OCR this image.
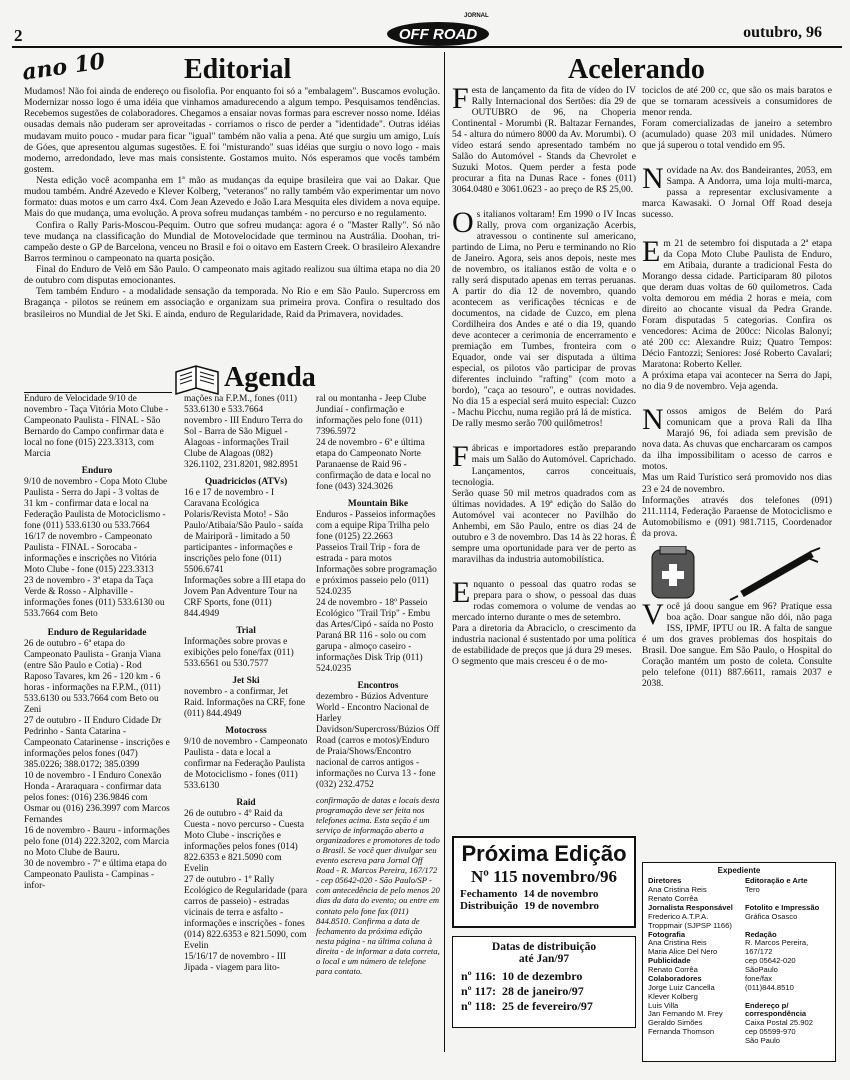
2	OFF ROAD
JORNAL
outubro, 96
ano 10	Editorial

Mudamos! Não foi ainda de endereço ou fisolofia. Por enquanto foi só a "embalagem". Buscamos evolução. Modernizar nosso logo é uma idéia que vinhamos amadurecendo a algum tempo. Pesquisamos tendências. Recebemos sugestões de colaboradores. Chegamos a ensaiar novas formas para escrever nosso nome. Idéias ousadas demais não puderam ser aproveitadas - corriamos o risco de perder a "identidade". Outras idéias mudavam muito pouco - mudar para ficar "igual" também não valia a pena. Até que surgiu um amigo, Luís de Góes, que apresentou algumas sugestões. E foi "misturando" suas idéias que surgiu o novo logo - mais moderno, arredondado, leve mas mais consistente. Gostamos muito. Nós esperamos que vocês também gostem.

Nesta edição você acompanha em 1ª mão as mudanças da equipe brasileira que vai ao Dakar. Que mudou também. André Azevedo e Klever Kolberg, "veteranos" no rally também vão experimentar um novo formato: duas motos e um carro 4x4. Com Jean Azevedo e João Lara Mesquita eles dividem a nova equipe. Mais do que mudança, uma evolução. A prova sofreu mudanças também - no percurso e no regulamento.

Confira o Rally Paris-Moscou-Pequim. Outro que sofreu mudança: agora é o "Master Rally". Só não teve mudança na classificação do Mundial de Motovelocidade que terminou na Austrália. Doohan, tri-campeão deste o GP de Barcelona, venceu no Brasil e foi o oitavo em Eastern Creek. O brasileiro Alexandre Barros terminou o campeonato na quarta posição.

Final do Enduro de Velô em São Paulo. O campeonato mais agitado realizou sua última etapa no dia 20 de outubro com disputas emocionantes.

Tem também Enduro - a modalidade sensação da temporada. No Rio e em São Paulo. Supercross em Bragança - pilotos se reúnem em associação e organizam sua primeira prova. Confira o resultado dos brasileiros no Mundial de Jet Ski. E ainda, enduro de Regularidade, Raid da Primavera, novidades.

Agenda
Enduro de Velocidade 9/10 de novembro - Taça Vitória Moto Clube - Campeonato Paulista - FINAL - São Bernardo do Campo confirmar data e local no fone (015) 223.3313, com Marcia
Enduro
9/10 de novembro - Copa Moto Clube Paulista - Serra do Japi - 3 voltas de 31 km - confirmar data e local na Federação Paulista de Motociclismo - fone (011) 533.6130 ou 533.7664
16/17 de novembro - Campeonato Paulista - FINAL - Sorocaba - informações e inscrições no Vitória Moto Clube - fone (015) 223.3313
23 de novembro - 3ª etapa da Taça Verde & Rosso - Alphaville - informações fones (011) 533.6130 ou 533.7664 com Beto
Enduro de Regularidade
26 de outubro - 6ª etapa do Campeonato Paulista - Granja Viana (entre São Paulo e Cotia) - Rod Raposo Tavares, km 26 - 120 km - 6 horas - informações na F.P.M., (011) 533.6130 ou 533.7664 com Beto ou Zeni
27 de outubro - II Enduro Cidade Dr Pedrinho - Santa Catarina - Campeonato Catarinense - inscrições e informações pelos fones (047) 385.0226; 388.0172; 385.0399
10 de novembro - I Enduro Conexão Honda - Araraquara - confirmar data pelos fones: (016) 236.9846 com Osmar ou (016) 236.3997 com Marcos Fernandes
16 de novembro - Bauru - informações pelo fone (014) 222.3202, com Marcia no Moto Clube de Bauru.
30 de novembro - 7ª e última etapa do Campeonato Paulista - Campinas - infor-
mações na F.P.M., fones (011) 533.6130 e 533.7664
novembro - III Enduro Terra do Sol - Barra de São Miguel - Alagoas - informações Trail Clube de Alagoas (082) 326.1102, 231.8201, 982.8951
Quadriciclos (ATVs)
16 e 17 de novembro - I Caravana Ecológica Polaris/Revista Moto! - São Paulo/Atibaia/São Paulo - saída de Mairiporã - limitado a 50 participantes - informações e inscrições pelo fone (011) 5506.6741
Informações sobre a III etapa do Jovem Pan Adventure Tour na CRF Sports, fone (011) 844.4949
Trial
Informações sobre provas e exibições pelo fone/fax (011) 533.6561 ou 530.7577
Jet Ski
novembro - a confirmar, Jet Raid. Informações na CRF, fone (011) 844.4949
Motocross
9/10 de novembro - Campeonato Paulista - data e local a confirmar na Federação Paulista de Motociclismo - fones (011) 533.6130
Raid
26 de outubro - 4º Raid da Cuesta - novo percurso - Cuesta Moto Clube - inscrições e informações pelos fones (014) 822.6353 e 821.5090 com Evelin
27 de outubro - 1º Rally Ecológico de Regularidade (para carros de passeio) - estradas vicinais de terra e asfalto - informações e inscrições - fones (014) 822.6353 e 821.5090, com Evelin
15/16/17 de novembro - III Jipada - viagem para lito-
ral ou montanha - Jeep Clube Jundiaí - confirmação e informações pelo fone (011) 7396.5972
24 de novembro - 6ª e última etapa do Campeonato Norte Paranaense de Raid 96 - confirmação de data e local no fone (043) 324.3026
Mountain Bike
Enduros - Passeios informações com a equipe Ripa Trilha pelo fone (0125) 22.2663
Passeios Trail Trip - fora de estrada - para motos Informações sobre programação e próximos passeio pelo (011) 524.0235
24 de novembro - 18º Passeio Ecológico "Trail Trip" - Embu das Artes/Cipó - saída no Posto Paraná BR 116 - solo ou com garupa - almoço caseiro - informações Disk Trip (011) 524.0235
Encontros
dezembro - Búzios Adventure World - Encontro Nacional de Harley Davidson/Supercross/Búzios Off Road (carros e motos)/Enduro de Praia/Shows/Encontro nacional de carros antigos - informações no Curva 13 - fone (032) 232.4752
confirmação de datas e locais desta programação deve ser feita nos telefones acima. Esta seção é um serviço de informação aberto a organizadores e promotores de todo o Brasil. Se você quer divulgar seu evento escreva para Jornal Off Road - R. Marcos Pereira, 167/172 - cep 05642-020 - São Paulo/SP - com antecedência de pelo menos 20 dias da data do evento; ou entre em contato pelo fone fax (011) 844.8510. Confirma a data de fechamento da próxima edição nesta página - na última coluna à direita - de informar a data correta, o local e um número de telefone para contato.
Acelerando

Festa de lançamento da fita de vídeo do IV Rally Internacional dos Sertões: dia 29 de OUTUBRO de 96, na Choperia Continental - Morumbi (R. Baltazar Fernandes, 54 - altura do número 8000 da Av. Morumbi). O vídeo estará sendo apresentado também no Salão do Automóvel - Stands da Chevrolet e Suzuki Motos. Quem perder a festa pode procurar a fita na Dunas Race - fones (011) 3064.0480 e 3061.0623 - ao preço de R$ 25,00.

Os italianos voltaram! Em 1990 o IV Incas Rally, prova com organização Acerbis, atravessou o continente sul americano, partindo de Lima, no Peru e terminando no Rio de Janeiro. Agora, seis anos depois, neste mes de novembro, os italianos estão de volta e o rally será disputado apenas em terras peruanas. A partir do dia 12 de novembro, quando acontecem as verificações técnicas e de documentos, na cidade de Cuzco, em plena Cordilheira dos Andes e até o dia 19, quando deve acontecer a cerimonia de encerramento e premiação em Tumbes, fronteira com o Equador, onde vai ser disputada a última especial, os pilotos vão participar de provas diferentes incluindo "rafting" (com moto a bordo), "caça ao tesouro", e outras novidades. No dia 15 a especial será muito especial: Cuzco - Machu Picchu, numa região prá lá de mística.

De rally mesmo serão 700 quilômetros!

Fábricas e importadores estão preparando mais um Salão do Automóvel. Caprichado. Lançamentos, carros conceituais, tecnologia.

Serão quase 50 mil metros quadrados com as últimas novidades. A 19ª edição do Salão do Automóvel vai acontecer no Pavilhão do Anhembi, em São Paulo, entre os dias 24 de outubro e 3 de novembro. Das 14 às 22 horas. É sempre uma oportunidade para ver de perto as maravilhas da industria automobilística.

Enquanto o pessoal das quatro rodas se prepara para o show, o pessoal das duas rodas comemora o volume de vendas ao mercado interno durante o mes de setembro.

Para a diretoria da Abraciclo, o crescimento da industria nacional é sustentado por uma política de estabilidade de preços que já dura 29 meses.

O segmento que mais cresceu é o de mo-

tociclos de até 200 cc, que são os mais baratos e que se tornaram acessíveis a consumidores de menor renda.

Foram comercializadas de janeiro a setembro (acumulado) quase 203 mil unidades. Número que já superou o total vendido em 95.

Novidade na Av. dos Bandeirantes, 2053, em Sampa. A Andorra, uma loja multi-marca, passa a representar exclusivamente a marca Kawasaki. O Jornal Off Road deseja sucesso.

Em 21 de setembro foi disputada a 2ª etapa da Copa Moto Clube Paulista de Enduro, em Atibaia, durante a tradicional Festa do Morango dessa cidade. Participaram 80 pilotos que deram duas voltas de 60 quilometros. Cada volta demorou em média 2 horas e meia, com direito ao chocante visual da Pedra Grande. Foram disputadas 5 categorias. Confira os vencedores: Acima de 200cc: Nicolas Balonyi; até 200 cc: Alexandre Ruiz; Quatro Tempos: Décio Fantozzi; Seniores: José Roberto Cavalari; Maratona: Roberto Keller.

A próxima etapa vai acontecer na Serra do Japi, no dia 9 de novembro. Veja agenda.

Nossos amigos de Belém do Pará comunicam que a prova Rali da Ilha Marajó 96, foi adiada sem previsão de nova data. As chuvas que encharcaram os campos da ilha impossibilitam o acesso de carros e motos.

Mas um Raid Turístico será promovido nos dias 23 e 24 de novembro.

Informações através dos telefones (091) 211.1114, Federação Paraense de Motociclismo e Automobilismo e (091) 981.7115, Coordenador da prova.

Você já doou sangue em 96? Pratique essa boa ação. Doar sangue não dói, não paga ISS, IPMF, IPTU ou IR. A falta de sangue é um dos graves problemas dos hospitais do Brasil. Doe sangue. Em São Paulo, o Hospital do Coração mantém um posto de coleta. Consulte pelo telefone (011) 887.6611, ramais 2037 e 2038.

Próxima Edição
Nº 115 novembro/96
Fechamento 14 de novembro
Distribuição 19 de novembro
Datas de distribuição
até Jan/97
nº 116: 10 de dezembro
nº 117: 28 de janeiro/97
nº 118: 25 de fevereiro/97
Expediente
Diretores
Ana Cristina Reis
Renato Corrêa
Jornalista Responsável
Frederico A.T.P.A.
Troppmair (SJPSP 1166)
Fotografia
Ana Cristina Reis
Maria Alice Del Nero
Publicidade
Renato Corrêa
Colaboradores
Jorge Luiz Cancella
Klever Kolberg
Luis Villa
Jan Fernando M. Frey
Geraldo Simões
Fernanda Thomson
Editoração e Arte
Tero

Fotolito e Impressão
Gráfica Osasco

Redação
R. Marcos Pereira, 167/172
cep 05642-020
SãoPaulo
fone/fax
(011)844.8510

Endereço p/
correspondência
Caixa Postal 25.902
cep 05599-970
São Paulo
